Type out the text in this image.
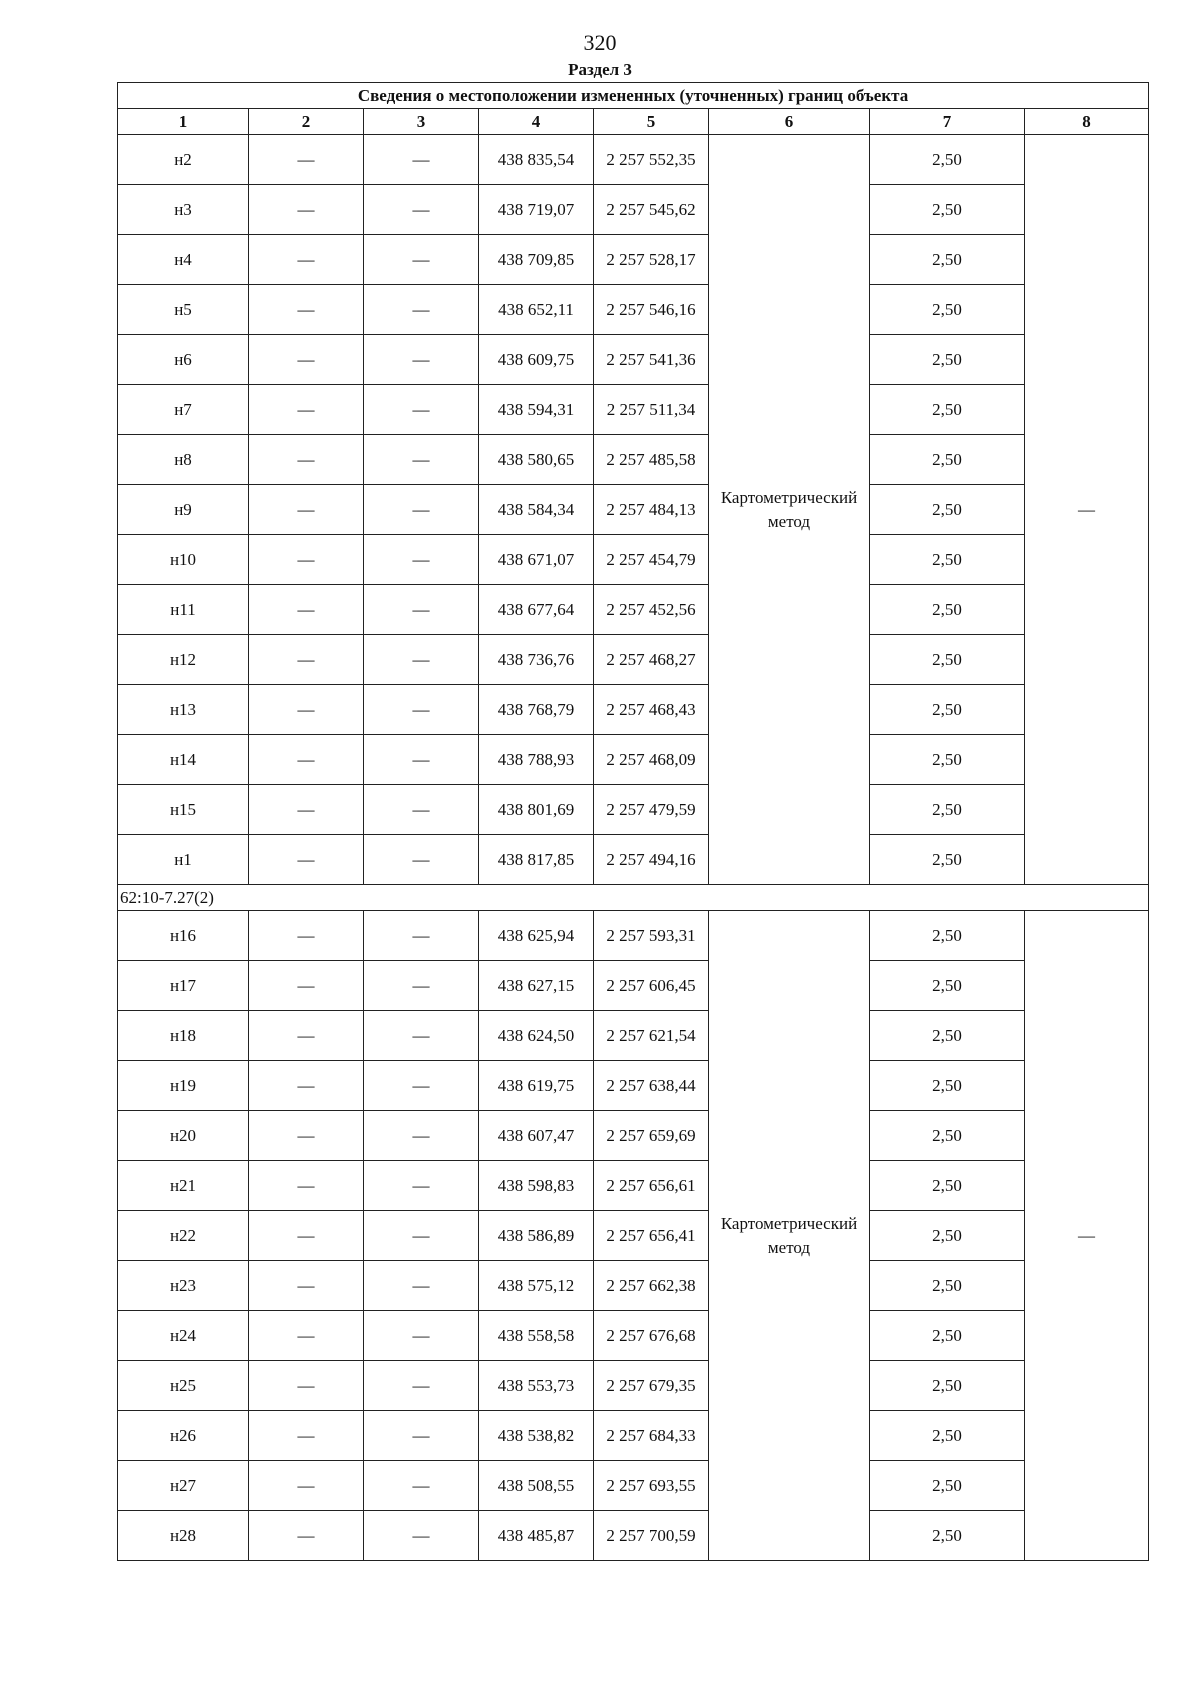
320
Раздел 3
Сведения о местоположении измененных (уточненных) границ объекта							
1	2	3	4	5	6	7	8
н2	—	—	438 835,54	2 257 552,35	Картометрический метод	2,50	—
н3	—	—	438 719,07	2 257 545,62		2,50	
н4	—	—	438 709,85	2 257 528,17		2,50	
н5	—	—	438 652,11	2 257 546,16		2,50	
н6	—	—	438 609,75	2 257 541,36		2,50	
н7	—	—	438 594,31	2 257 511,34		2,50	
н8	—	—	438 580,65	2 257 485,58		2,50	
н9	—	—	438 584,34	2 257 484,13		2,50	
н10	—	—	438 671,07	2 257 454,79		2,50	
н11	—	—	438 677,64	2 257 452,56		2,50	
н12	—	—	438 736,76	2 257 468,27		2,50	
н13	—	—	438 768,79	2 257 468,43		2,50	
н14	—	—	438 788,93	2 257 468,09		2,50	
н15	—	—	438 801,69	2 257 479,59		2,50	
н1	—	—	438 817,85	2 257 494,16		2,50	
62:10-7.27(2)							
н16	—	—	438 625,94	2 257 593,31	Картометрический метод	2,50	—
н17	—	—	438 627,15	2 257 606,45		2,50	
н18	—	—	438 624,50	2 257 621,54		2,50	
н19	—	—	438 619,75	2 257 638,44		2,50	
н20	—	—	438 607,47	2 257 659,69		2,50	
н21	—	—	438 598,83	2 257 656,61		2,50	
н22	—	—	438 586,89	2 257 656,41		2,50	
н23	—	—	438 575,12	2 257 662,38		2,50	
н24	—	—	438 558,58	2 257 676,68		2,50	
н25	—	—	438 553,73	2 257 679,35		2,50	
н26	—	—	438 538,82	2 257 684,33		2,50	
н27	—	—	438 508,55	2 257 693,55		2,50	
н28	—	—	438 485,87	2 257 700,59		2,50	
